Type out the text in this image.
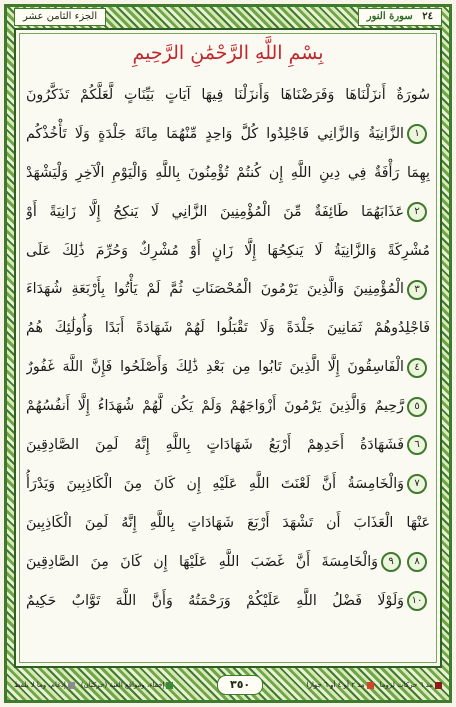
الجزء الثامن عشر	٢٤   سورة النور
بِسْمِ اللَّهِ الرَّحْمَٰنِ الرَّحِيمِ
سُورَةٌ أَنزَلْنَاهَا وَفَرَضْنَاهَا وَأَنزَلْنَا فِيهَا آيَاتٍ بَيِّنَاتٍ لَّعَلَّكُمْ تَذَكَّرُونَ
١
الزَّانِيَةُ وَالزَّانِي فَاجْلِدُوا كُلَّ وَاحِدٍ مِّنْهُمَا مِائَةَ جَلْدَةٍ وَلَا تَأْخُذْكُم
بِهِمَا رَأْفَةٌ فِي دِينِ اللَّهِ إِن كُنتُمْ تُؤْمِنُونَ بِاللَّهِ وَالْيَوْمِ الْآخِرِ وَلْيَشْهَدْ
٢
عَذَابَهُمَا طَائِفَةٌ مِّنَ الْمُؤْمِنِينَ الزَّانِي لَا يَنكِحُ إِلَّا زَانِيَةً أَوْ
مُشْرِكَةً وَالزَّانِيَةُ لَا يَنكِحُهَا إِلَّا زَانٍ أَوْ مُشْرِكٌ وَحُرِّمَ ذَٰلِكَ عَلَى
٣
الْمُؤْمِنِينَ وَالَّذِينَ يَرْمُونَ الْمُحْصَنَاتِ ثُمَّ لَمْ يَأْتُوا بِأَرْبَعَةِ شُهَدَاءَ
فَاجْلِدُوهُمْ ثَمَانِينَ جَلْدَةً وَلَا تَقْبَلُوا لَهُمْ شَهَادَةً أَبَدًا وَأُولَٰئِكَ هُمُ
٤
الْفَاسِقُونَ إِلَّا الَّذِينَ تَابُوا مِن بَعْدِ ذَٰلِكَ وَأَصْلَحُوا فَإِنَّ اللَّهَ غَفُورٌ
٥
رَّحِيمٌ وَالَّذِينَ يَرْمُونَ أَزْوَاجَهُمْ وَلَمْ يَكُن لَّهُمْ شُهَدَاءُ إِلَّا أَنفُسُهُمْ
٦
فَشَهَادَةُ أَحَدِهِمْ أَرْبَعُ شَهَادَاتٍ بِاللَّهِ إِنَّهُ لَمِنَ الصَّادِقِينَ
٧
وَالْخَامِسَةُ أَنَّ لَعْنَتَ اللَّهِ عَلَيْهِ إِن كَانَ مِنَ الْكَاذِبِينَ وَيَدْرَأُ
عَنْهَا الْعَذَابَ أَن تَشْهَدَ أَرْبَعَ شَهَادَاتٍ بِاللَّهِ إِنَّهُ لَمِنَ الْكَاذِبِينَ
٨
٩
وَالْخَامِسَةَ أَنَّ غَضَبَ اللَّهِ عَلَيْهَا إِن كَانَ مِنَ الصَّادِقِينَ
١٠
وَلَوْلَا فَضْلُ اللَّهِ عَلَيْكُمْ وَرَحْمَتُهُ وَأَنَّ اللَّهَ تَوَّابٌ حَكِيمٌ
مد ٦ حركات لزوما
مد ٢ أو ٤ أو ٦ جوازا
٣٥٠
إخفاء، ومواقع الغنة (حركتان)
إدغام، وما لا يلفظ
